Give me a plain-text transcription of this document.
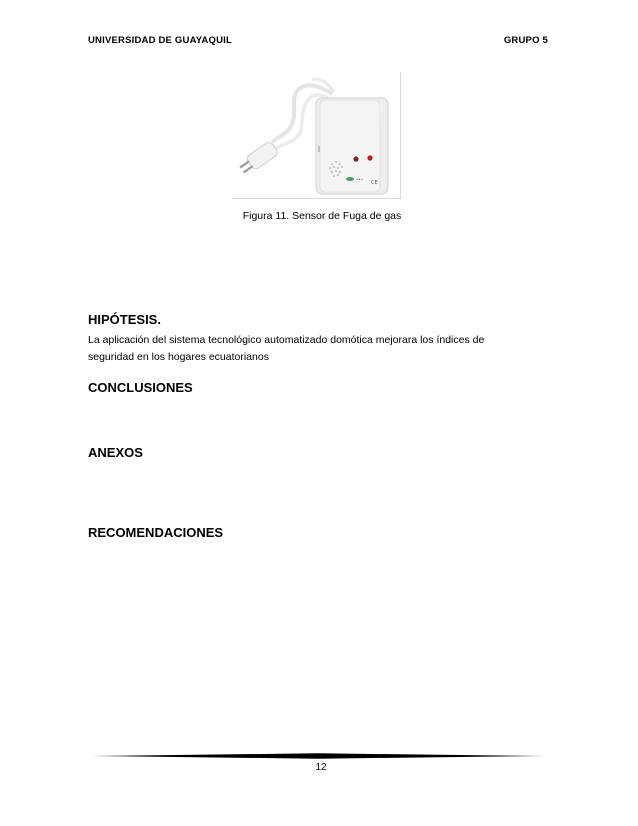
UNIVERSIDAD DE GUAYAQUIL	GRUPO 5
•••
CE
Figura 11. Sensor de Fuga de gas
HIPÓTESIS.
La aplicación del sistema tecnológico automatizado domótica mejorara los índices de
seguridad en los hogares ecuatorianos
CONCLUSIONES
ANEXOS
RECOMENDACIONES
12
